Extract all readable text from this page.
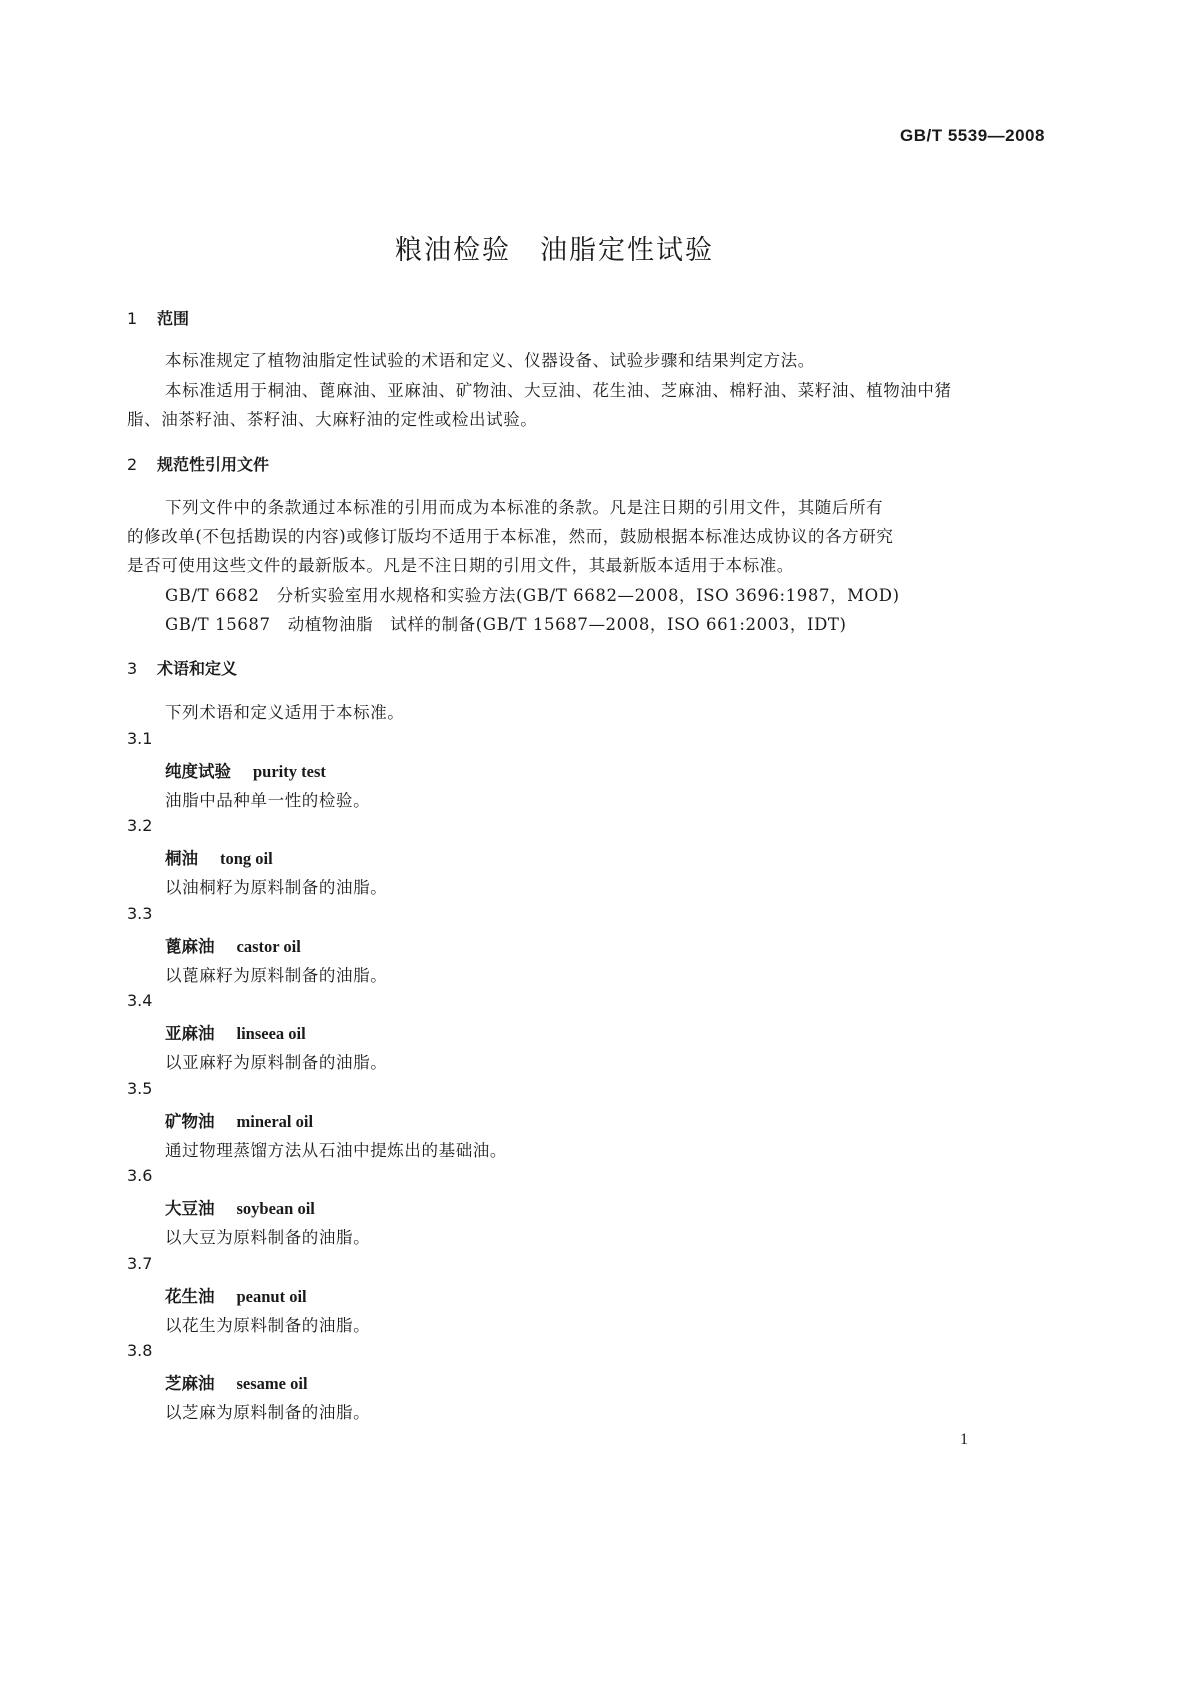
GB/T 5539—2008
粮油检验　油脂定性试验
1 范围
本标准规定了植物油脂定性试验的术语和定义、仪器设备、试验步骤和结果判定方法。
本标准适用于桐油、蓖麻油、亚麻油、矿物油、大豆油、花生油、芝麻油、棉籽油、菜籽油、植物油中猪
脂、油茶籽油、茶籽油、大麻籽油的定性或检出试验。
2 规范性引用文件
下列文件中的条款通过本标准的引用而成为本标准的条款。凡是注日期的引用文件，其随后所有
的修改单(不包括勘误的内容)或修订版均不适用于本标准，然而，鼓励根据本标准达成协议的各方研究
是否可使用这些文件的最新版本。凡是不注日期的引用文件，其最新版本适用于本标准。
GB/T 6682　分析实验室用水规格和实验方法(GB/T 6682—2008，ISO 3696:1987，MOD)
GB/T 15687　动植物油脂　试样的制备(GB/T 15687—2008，ISO 661:2003，IDT)
3 术语和定义
下列术语和定义适用于本标准。
3.1
纯度试验 purity test
油脂中品种单一性的检验。
3.2
桐油 tong oil
以油桐籽为原料制备的油脂。
3.3
蓖麻油 castor oil
以蓖麻籽为原料制备的油脂。
3.4
亚麻油 linseea oil
以亚麻籽为原料制备的油脂。
3.5
矿物油 mineral oil
通过物理蒸馏方法从石油中提炼出的基础油。
3.6
大豆油 soybean oil
以大豆为原料制备的油脂。
3.7
花生油 peanut oil
以花生为原料制备的油脂。
3.8
芝麻油 sesame oil
以芝麻为原料制备的油脂。
1
